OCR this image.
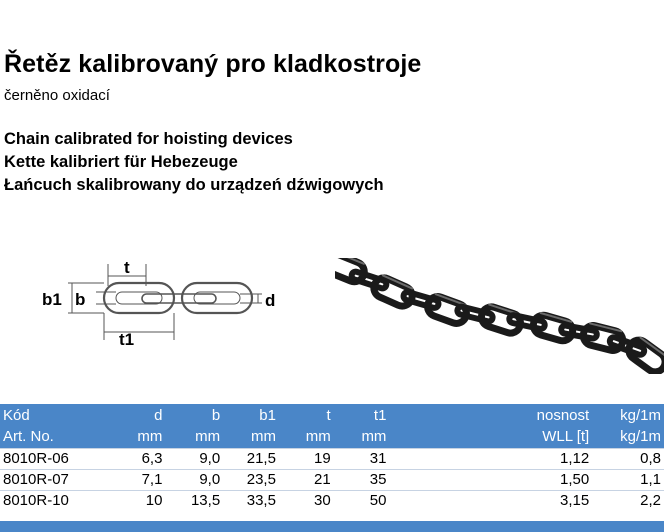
Řetěz kalibrovaný pro kladkostroje
černěno oxidací
Chain calibrated for hoisting devices
Kette kalibriert für Hebezeuge
Łańcuch skalibrowany do urządzeń dźwigowych
t
b1 b	d
t1
Kód	d	b	b1	t	t1	nosnost	kg/1m
Art. No.	mm	mm	mm	mm	mm	WLL [t]	kg/1m
8010R-06	6,3	9,0	21,5	19	31	1,12	0,8
8010R-07	7,1	9,0	23,5	21	35	1,50	1,1
8010R-10	10	13,5	33,5	30	50	3,15	2,2
